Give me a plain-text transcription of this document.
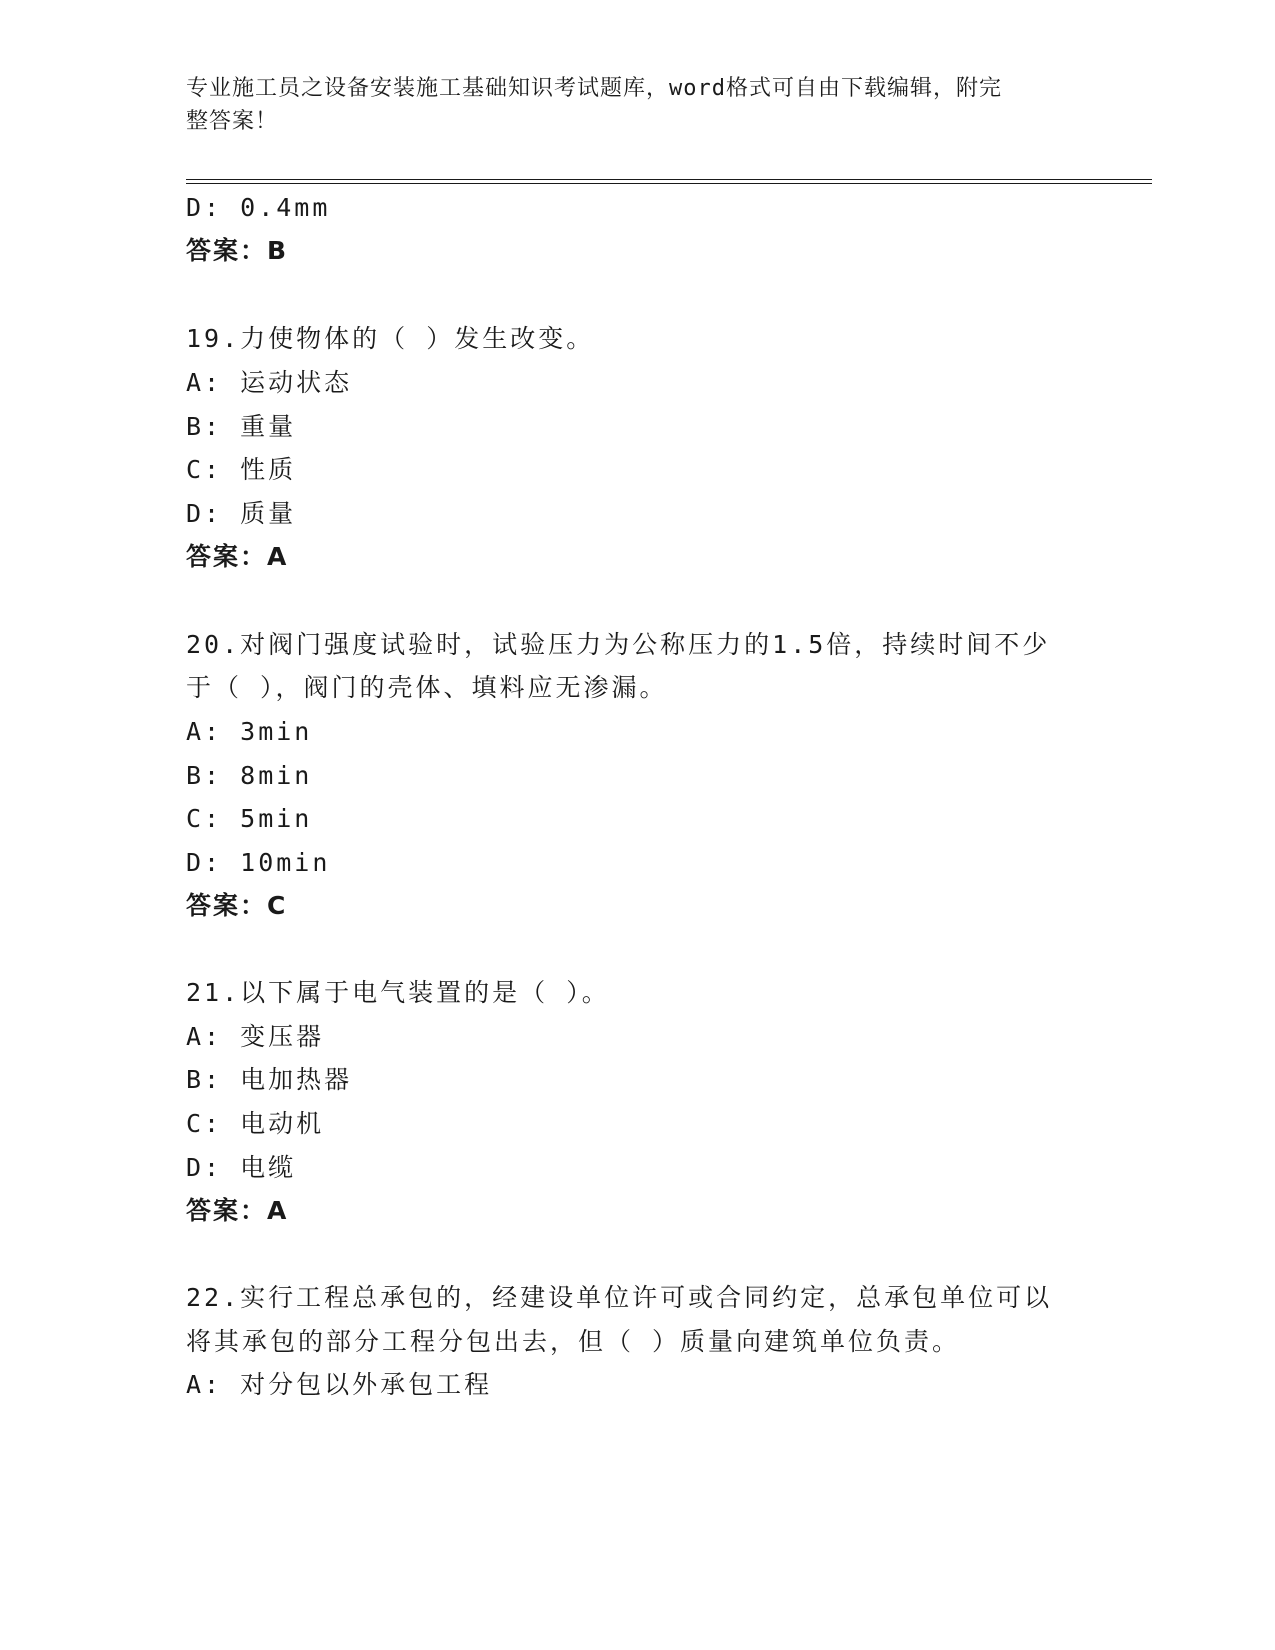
专业施工员之设备安装施工基础知识考试题库，word格式可自由下载编辑，附完
整答案！
D: 0.4mm
答案：B
19.力使物体的（ ）发生改变。
A: 运动状态
B: 重量
C: 性质
D: 质量
答案：A
20.对阀门强度试验时，试验压力为公称压力的1.5倍，持续时间不少
于（ ），阀门的壳体、填料应无渗漏。
A: 3min
B: 8min
C: 5min
D: 10min
答案：C
21.以下属于电气装置的是（ ）。
A: 变压器
B: 电加热器
C: 电动机
D: 电缆
答案：A
22.实行工程总承包的，经建设单位许可或合同约定，总承包单位可以
将其承包的部分工程分包出去，但（ ）质量向建筑单位负责。
A: 对分包以外承包工程
